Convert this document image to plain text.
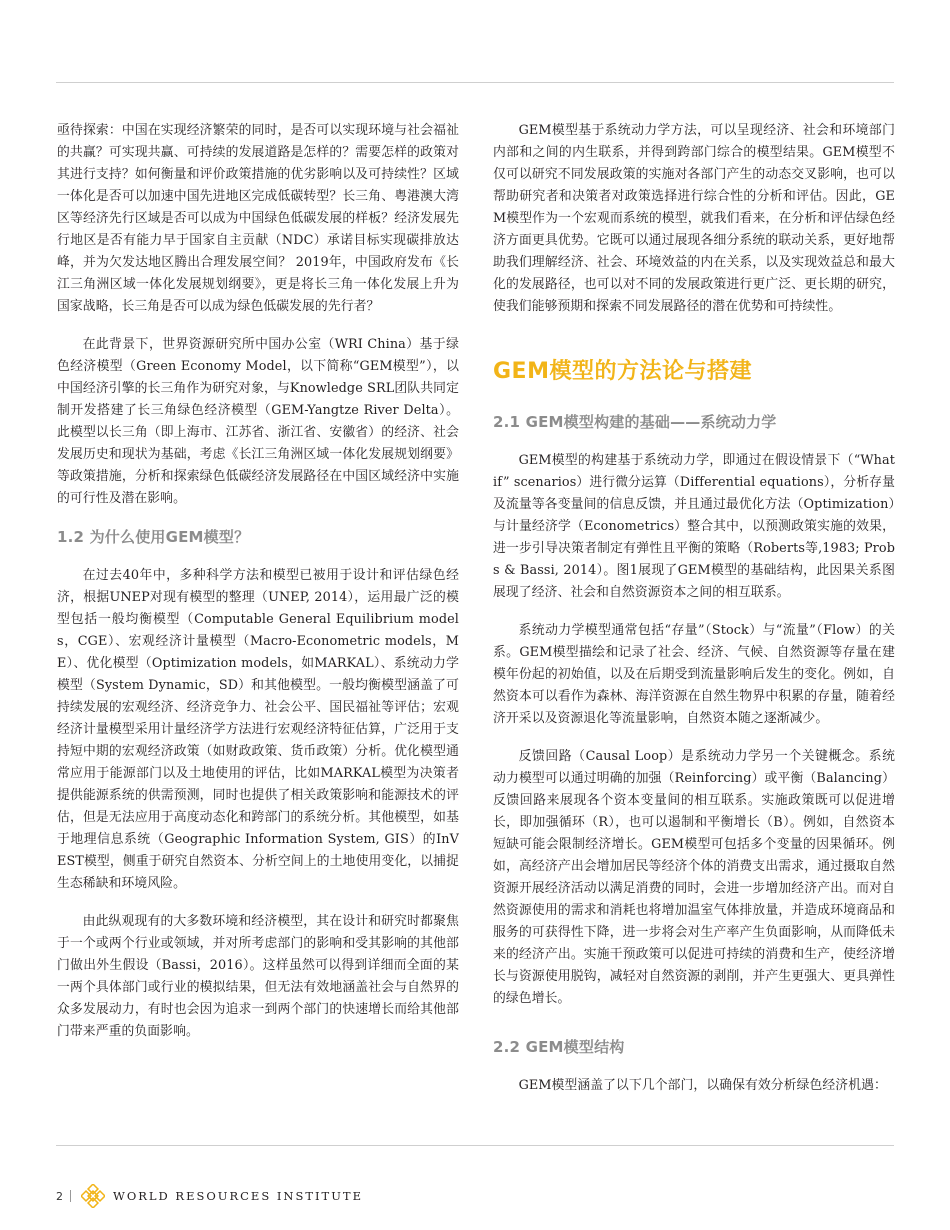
亟待探索：中国在实现经济繁荣的同时，是否可以实现环境与社会福祉的共赢？可实现共赢、可持续的发展道路是怎样的？需要怎样的政策对其进行支持？如何衡量和评价政策措施的优劣影响以及可持续性？区域一体化是否可以加速中国先进地区完成低碳转型？长三角、粤港澳大湾区等经济先行区域是否可以成为中国绿色低碳发展的样板？经济发展先行地区是否有能力早于国家自主贡献（NDC）承诺目标实现碳排放达峰，并为欠发达地区腾出合理发展空间？ 2019年，中国政府发布《长江三角洲区域一体化发展规划纲要》，更是将长三角一体化发展上升为国家战略，长三角是否可以成为绿色低碳发展的先行者？

在此背景下，世界资源研究所中国办公室（WRI China）基于绿色经济模型（Green Economy Model，以下简称“GEM模型”），以中国经济引擎的长三角作为研究对象，与Knowledge SRL团队共同定制开发搭建了长三角绿色经济模型（GEM-Yangtze River Delta）。此模型以长三角（即上海市、江苏省、浙江省、安徽省）的经济、社会发展历史和现状为基础，考虑《长江三角洲区域一体化发展规划纲要》等政策措施，分析和探索绿色低碳经济发展路径在中国区域经济中实施的可行性及潜在影响。

1.2 为什么使用GEM模型？

在过去40年中，多种科学方法和模型已被用于设计和评估绿色经济，根据UNEP对现有模型的整理（UNEP, 2014），运用最广泛的模型包括一般均衡模型（Computable General Equilibrium models，CGE）、宏观经济计量模型（Macro-Econometric models，ME）、优化模型（Optimization models，如MARKAL）、系统动力学模型（System Dynamic，SD）和其他模型。一般均衡模型涵盖了可持续发展的宏观经济、经济竞争力、社会公平、国民福祉等评估；宏观经济计量模型采用计量经济学方法进行宏观经济特征估算，广泛用于支持短中期的宏观经济政策（如财政政策、货币政策）分析。优化模型通常应用于能源部门以及土地使用的评估，比如MARKAL模型为决策者提供能源系统的供需预测，同时也提供了相关政策影响和能源技术的评估，但是无法应用于高度动态化和跨部门的系统分析。其他模型，如基于地理信息系统（Geographic Information System, GIS）的InVEST模型，侧重于研究自然资本、分析空间上的土地使用变化，以捕捉生态稀缺和环境风险。

由此纵观现有的大多数环境和经济模型，其在设计和研究时都聚焦于一个或两个行业或领域，并对所考虑部门的影响和受其影响的其他部门做出外生假设（Bassi，2016）。这样虽然可以得到详细而全面的某一两个具体部门或行业的模拟结果，但无法有效地涵盖社会与自然界的众多发展动力，有时也会因为追求一到两个部门的快速增长而给其他部门带来严重的负面影响。

GEM模型基于系统动力学方法，可以呈现经济、社会和环境部门内部和之间的内生联系，并得到跨部门综合的模型结果。GEM模型不仅可以研究不同发展政策的实施对各部门产生的动态交叉影响，也可以帮助研究者和决策者对政策选择进行综合性的分析和评估。因此，GEM模型作为一个宏观而系统的模型，就我们看来，在分析和评估绿色经济方面更具优势。它既可以通过展现各细分系统的联动关系，更好地帮助我们理解经济、社会、环境效益的内在关系，以及实现效益总和最大化的发展路径，也可以对不同的发展政策进行更广泛、更长期的研究，使我们能够预期和探索不同发展路径的潜在优势和可持续性。

GEM模型的方法论与搭建
2.1 GEM模型构建的基础——系统动力学

GEM模型的构建基于系统动力学，即通过在假设情景下（“What if” scenarios）进行微分运算（Differential equations），分析存量及流量等各变量间的信息反馈，并且通过最优化方法（Optimization）与计量经济学（Econometrics）整合其中，以预测政策实施的效果，进一步引导决策者制定有弹性且平衡的策略（Roberts等,1983; Probs & Bassi, 2014）。图1展现了GEM模型的基础结构，此因果关系图展现了经济、社会和自然资源资本之间的相互联系。

系统动力学模型通常包括“存量”（Stock）与“流量”（Flow）的关系。GEM模型描绘和记录了社会、经济、气候、自然资源等存量在建模年份起的初始值，以及在后期受到流量影响后发生的变化。例如，自然资本可以看作为森林、海洋资源在自然生物界中积累的存量，随着经济开采以及资源退化等流量影响，自然资本随之逐渐减少。

反馈回路（Causal Loop）是系统动力学另一个关键概念。系统动力模型可以通过明确的加强（Reinforcing）或平衡（Balancing）反馈回路来展现各个资本变量间的相互联系。实施政策既可以促进增长，即加强循环（R），也可以遏制和平衡增长（B）。例如，自然资本短缺可能会限制经济增长。GEM模型可包括多个变量的因果循环。例如，高经济产出会增加居民等经济个体的消费支出需求，通过摄取自然资源开展经济活动以满足消费的同时，会进一步增加经济产出。而对自然资源使用的需求和消耗也将增加温室气体排放量，并造成环境商品和服务的可获得性下降，进一步将会对生产率产生负面影响，从而降低未来的经济产出。实施干预政策可以促进可持续的消费和生产，使经济增长与资源使用脱钩，减轻对自然资源的剥削，并产生更强大、更具弹性的绿色增长。

2.2 GEM模型结构

GEM模型涵盖了以下几个部门，以确保有效分析绿色经济机遇：

2	WORLD RESOURCES INSTITUTE
